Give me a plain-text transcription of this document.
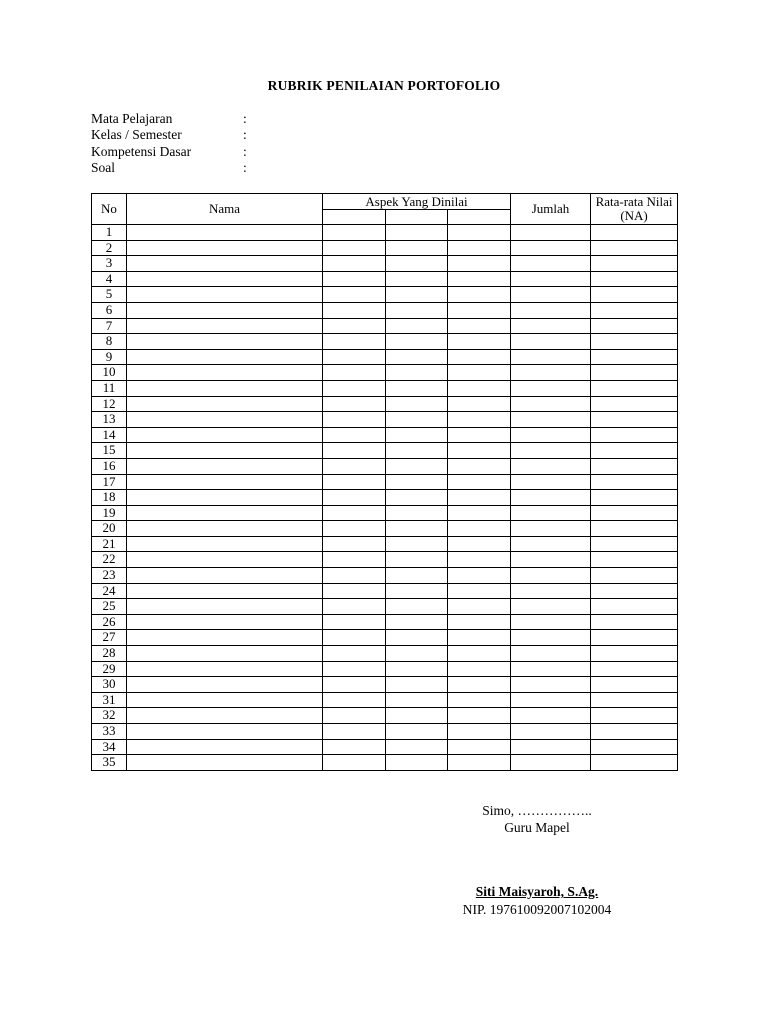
RUBRIK PENILAIAN PORTOFOLIO
Mata Pelajaran	:
Kelas / Semester	:
Kompetensi Dasar	:
Soal	:
No	Nama	Aspek Yang Dinilai			Jumlah	Rata-rata Nilai (NA)

1						
2						
3						
4						
5						
6						
7						
8						
9						
10						
11						
12						
13						
14						
15						
16						
17						
18						
19						
20						
21						
22						
23						
24						
25						
26						
27						
28						
29						
30						
31						
32						
33						
34						
35						
Simo, ……………..
Guru Mapel
Siti Maisyaroh, S.Ag.
NIP. 197610092007102004
